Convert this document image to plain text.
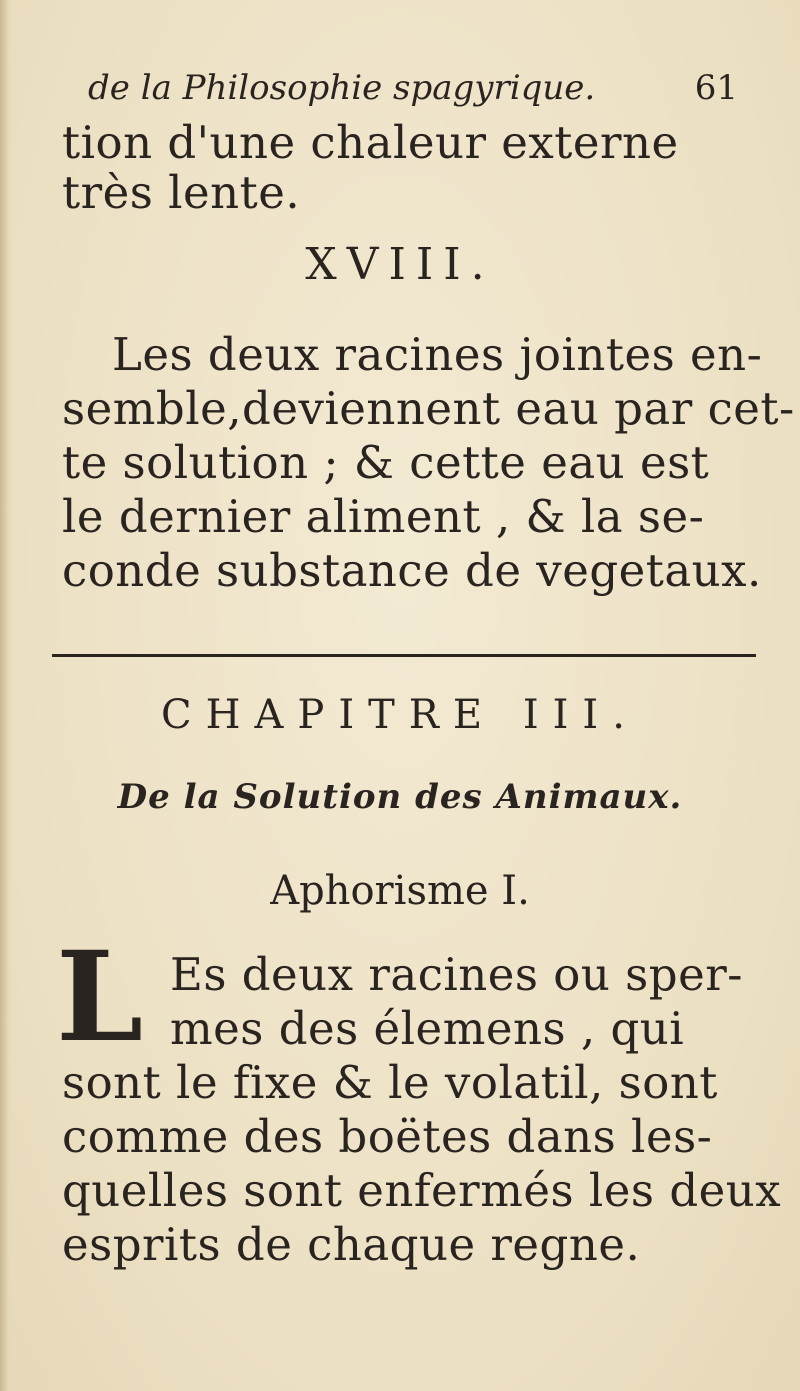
de la Philosophie spagyrique.	61
tion d'une chaleur externe
très lente.
XVIII.
Les deux racines jointes en-
semble,deviennent eau par cet-
te solution ; & cette eau est
le dernier aliment , & la se-
conde substance de vegetaux.
CHAPITRE III.
De la Solution des Animaux.
Aphorisme I.
L Es deux racines ou sper-
mes des élemens , qui
sont le fixe & le volatil, sont
comme des boëtes dans les-
quelles sont enfermés les deux
esprits de chaque regne.
